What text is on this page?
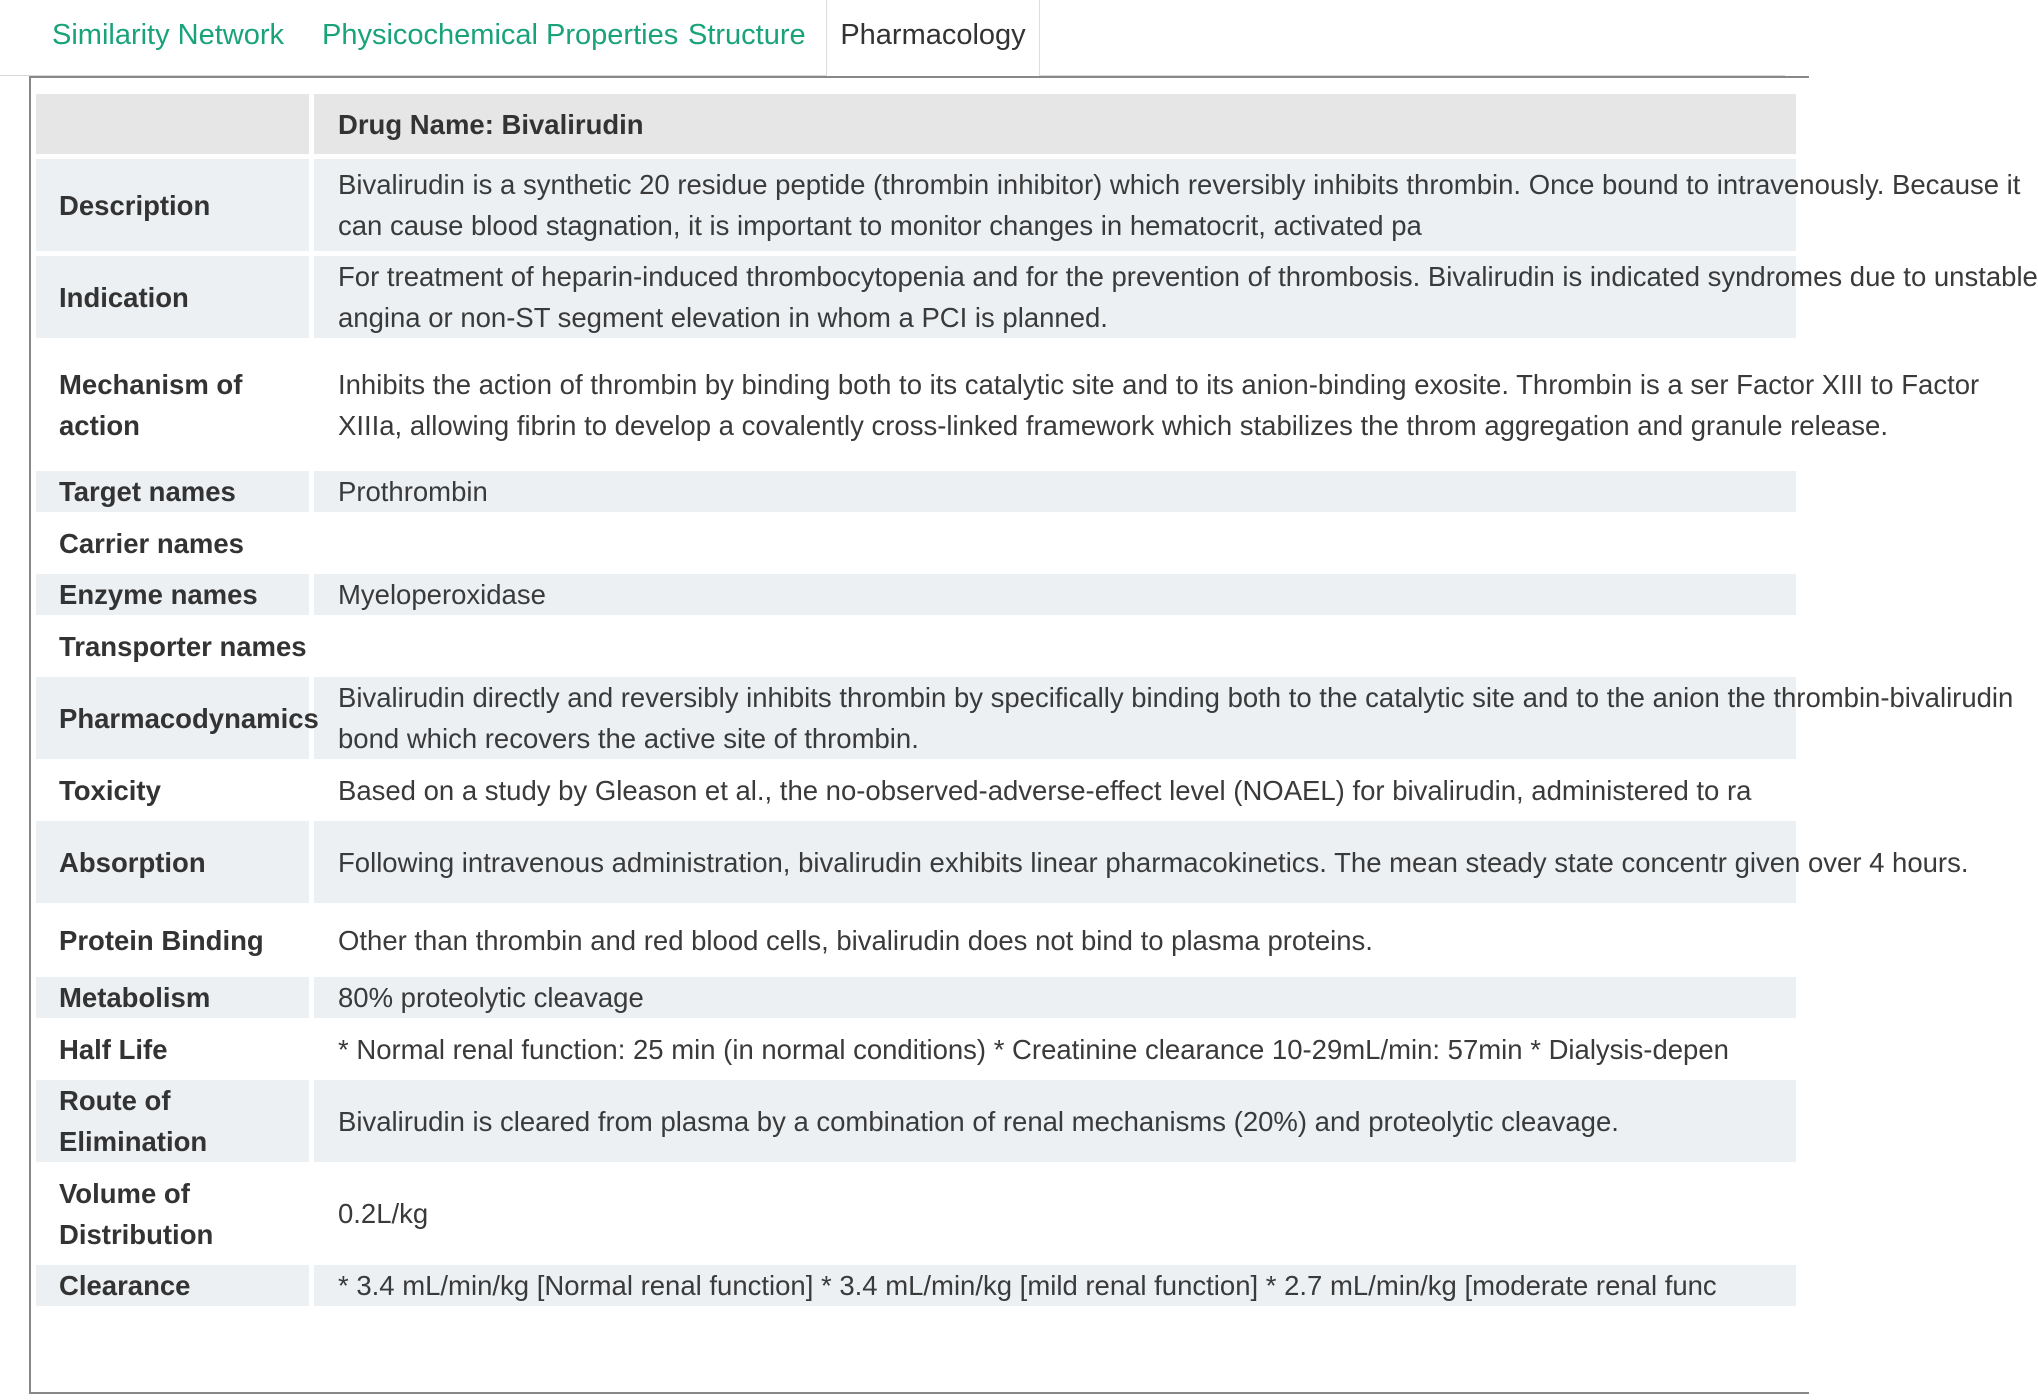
Similarity Network Physicochemical Properties Structure	Pharmacology
	Drug Name: Bivalirudin
Description	Bivalirudin is a synthetic 20 residue peptide (thrombin inhibitor) which reversibly inhibits thrombin. Once bound to intravenously. Because it can cause blood stagnation, it is important to monitor changes in hematocrit, activated pa

Indication	For treatment of heparin-induced thrombocytopenia and for the prevention of thrombosis. Bivalirudin is indicated syndromes due to unstable angina or non-ST segment elevation in whom a PCI is planned.

Mechanism of action	Inhibits the action of thrombin by binding both to its catalytic site and to its anion-binding exosite. Thrombin is a ser Factor XIII to Factor XIIIa, allowing fibrin to develop a covalently cross-linked framework which stabilizes the throm aggregation and granule release.

Target names	Prothrombin
Carrier names	
Enzyme names	Myeloperoxidase
Transporter names	
Pharmacodynamics	Bivalirudin directly and reversibly inhibits thrombin by specifically binding both to the catalytic site and to the anion the thrombin-bivalirudin bond which recovers the active site of thrombin.

Toxicity	Based on a study by Gleason et al., the no-observed-adverse-effect level (NOAEL) for bivalirudin, administered to ra
Absorption	Following intravenous administration, bivalirudin exhibits linear pharmacokinetics. The mean steady state concentr given over 4 hours.

Protein Binding	Other than thrombin and red blood cells, bivalirudin does not bind to plasma proteins.
Metabolism	80% proteolytic cleavage
Half Life	* Normal renal function: 25 min (in normal conditions) * Creatinine clearance 10-29mL/min: 57min * Dialysis-depen
Route of Elimination	Bivalirudin is cleared from plasma by a combination of renal mechanisms (20%) and proteolytic cleavage.
Volume of Distribution	0.2L/kg
Clearance	* 3.4 mL/min/kg [Normal renal function] * 3.4 mL/min/kg [mild renal function] * 2.7 mL/min/kg [moderate renal func
